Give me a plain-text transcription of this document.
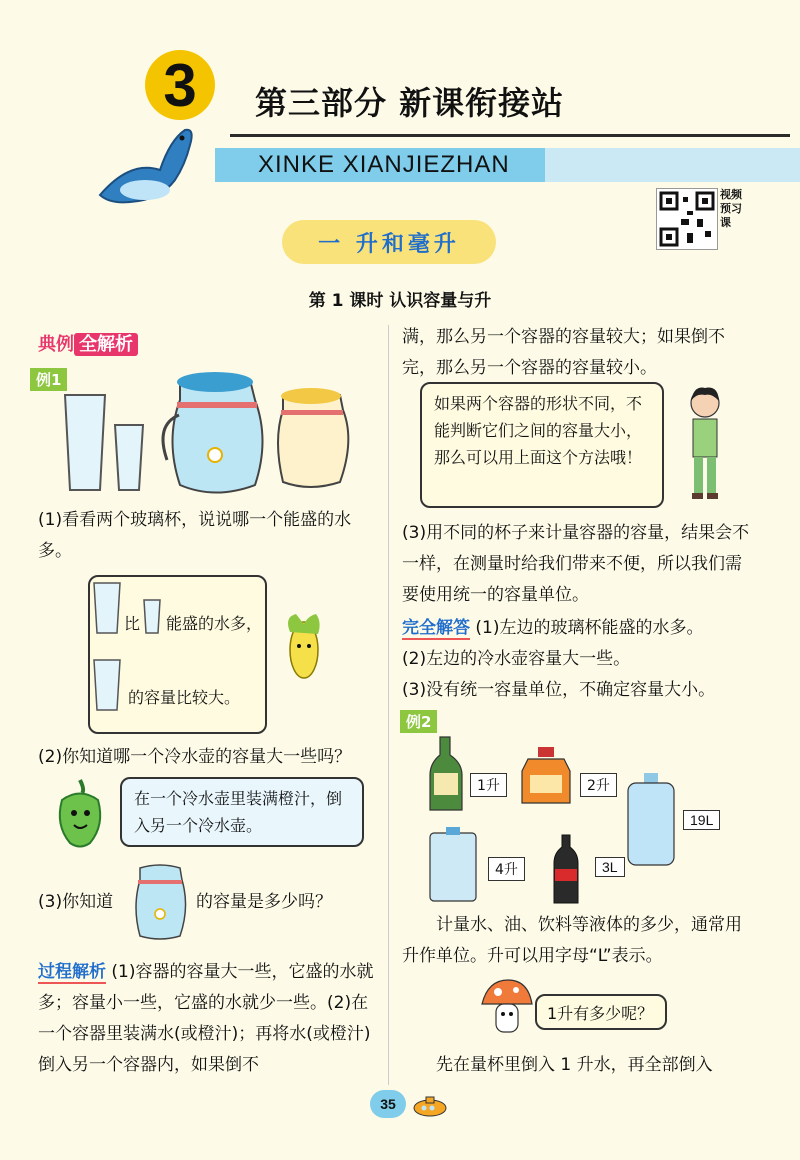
3	第三部分 新课衔接站
XINKE XIANJIEZHAN
视频预习课
一 升和毫升
第 1 课时 认识容量与升
典例 全解析
例1
(1)看看两个玻璃杯，说说哪一个能盛的水多。
比 能盛的水多，
的容量比较大。
(2)你知道哪一个冷水壶的容量大一些吗？
在一个冷水壶里装满橙汁，倒入另一个冷水壶。
(3)你知道	的容量是多少吗？
过程解析 (1)容器的容量大一些，它盛的水就多；容量小一些，它盛的水就少一些。(2)在一个容器里装满水(或橙汁)；再将水(或橙汁)倒入另一个容器内，如果倒不
满，那么另一个容器的容量较大；如果倒不完，那么另一个容器的容量较小。
如果两个容器的形状不同，不能判断它们之间的容量大小，那么可以用上面这个方法哦！
(3)用不同的杯子来计量容器的容量，结果会不一样，在测量时给我们带来不便，所以我们需要使用统一的容量单位。
完全解答 (1)左边的玻璃杯能盛的水多。
(2)左边的冷水壶容量大一些。
(3)没有统一容量单位，不确定容量大小。
例2
1升	2升
19L
4升	3L
计量水、油、饮料等液体的多少，通常用升作单位。升可以用字母“L”表示。
1升有多少呢？
先在量杯里倒入 1 升水，再全部倒入
35
